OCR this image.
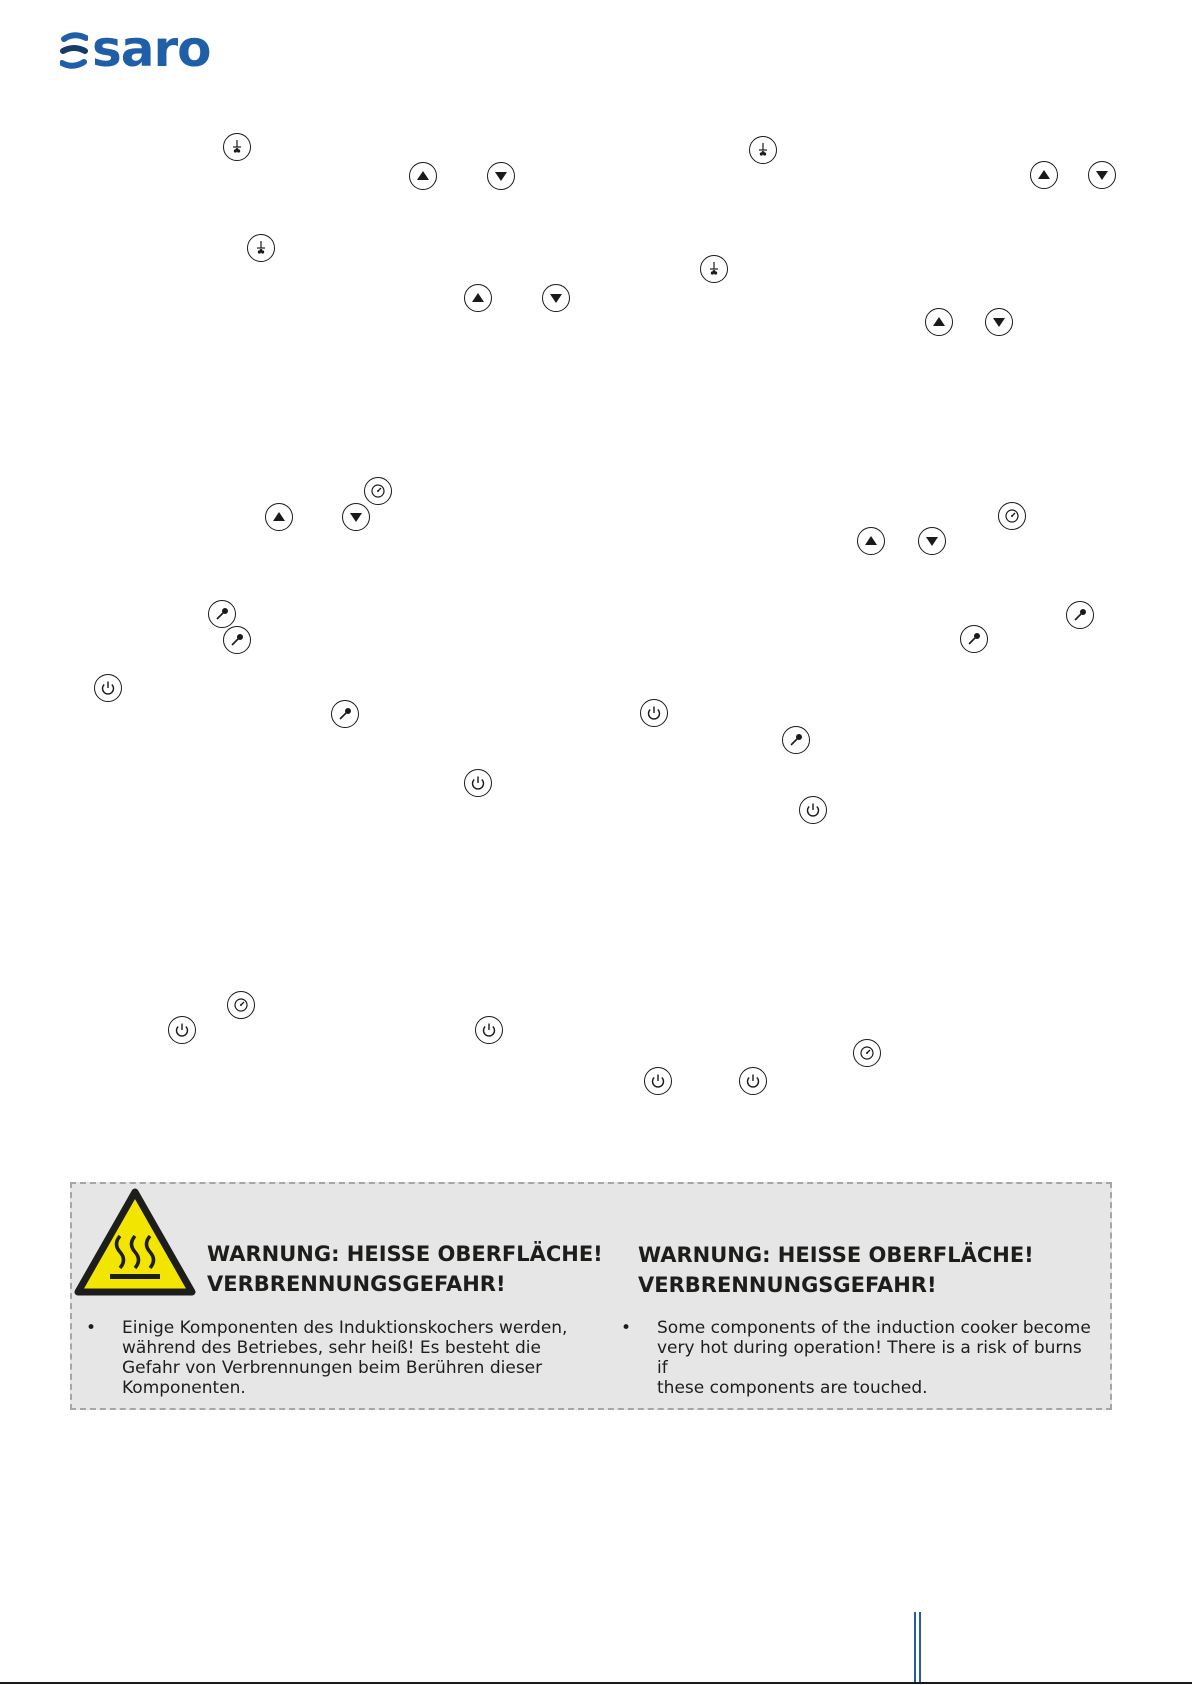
saro

WARNUNG: HEISSE OBERFLÄCHE!
VERBRENNUNGSGEFAHR!

WARNUNG: HEISSE OBERFLÄCHE!
VERBRENNUNGSGEFAHR!

• Einige Komponenten des Induktionskochers werden,
während des Betriebes, sehr heiß! Es besteht die
Gefahr von Verbrennungen beim Berühren dieser
Komponenten.
• Some components of the induction cooker become
very hot during operation! There is a risk of burns if
these components are touched.
